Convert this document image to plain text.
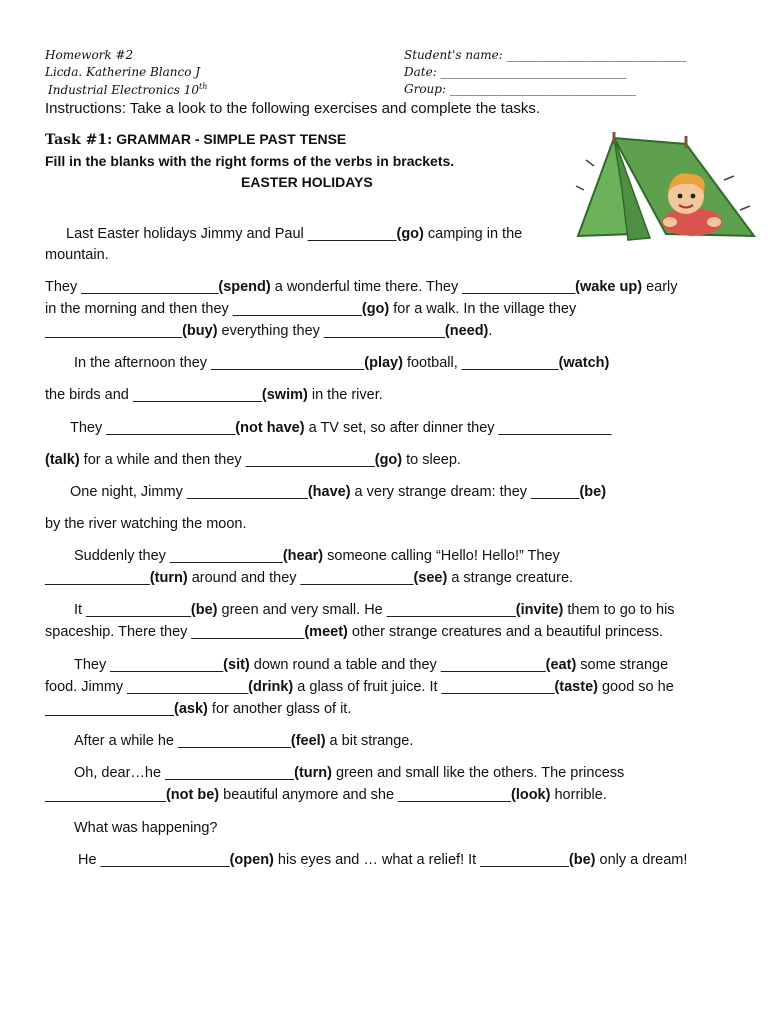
Homework #2
Licda. Katherine Blanco J
Industrial Electronics 10th
Student's name: ______________________________
Date: _______________________________
Group: _______________________________
Instructions: Take a look to the following exercises and complete the tasks.
Task #1: GRAMMAR - SIMPLE PAST TENSE
Fill in the blanks with the right forms of the verbs in brackets.
EASTER HOLIDAYS
Last Easter holidays Jimmy and Paul ___________(go) camping in the
mountain.
They _________________(spend) a wonderful time there. They ______________(wake up) early
in the morning and then they ________________(go) for a walk. In the village they
_________________(buy) everything they _______________(need).
In the afternoon they ___________________(play) football, ____________(watch)
the birds and ________________(swim) in the river.
They ________________(not have) a TV set, so after dinner they ______________
(talk) for a while and then they ________________(go) to sleep.
One night, Jimmy _______________(have) a very strange dream: they ______(be)
by the river watching the moon.
Suddenly they ______________(hear) someone calling “Hello! Hello!” They
_____________(turn) around and they ______________(see) a strange creature.
It _____________(be) green and very small. He ________________(invite) them to go to his
spaceship. There they ______________(meet) other strange creatures and a beautiful princess.
They ______________(sit) down round a table and they _____________(eat) some strange
food. Jimmy _______________(drink) a glass of fruit juice. It ______________(taste) good so he
________________(ask) for another glass of it.
After a while he ______________(feel) a bit strange.
Oh, dear…he ________________(turn) green and small like the others. The princess
_______________(not be) beautiful anymore and she ______________(look) horrible.
What was happening?
He ________________(open) his eyes and … what a relief! It ___________(be) only a dream!
